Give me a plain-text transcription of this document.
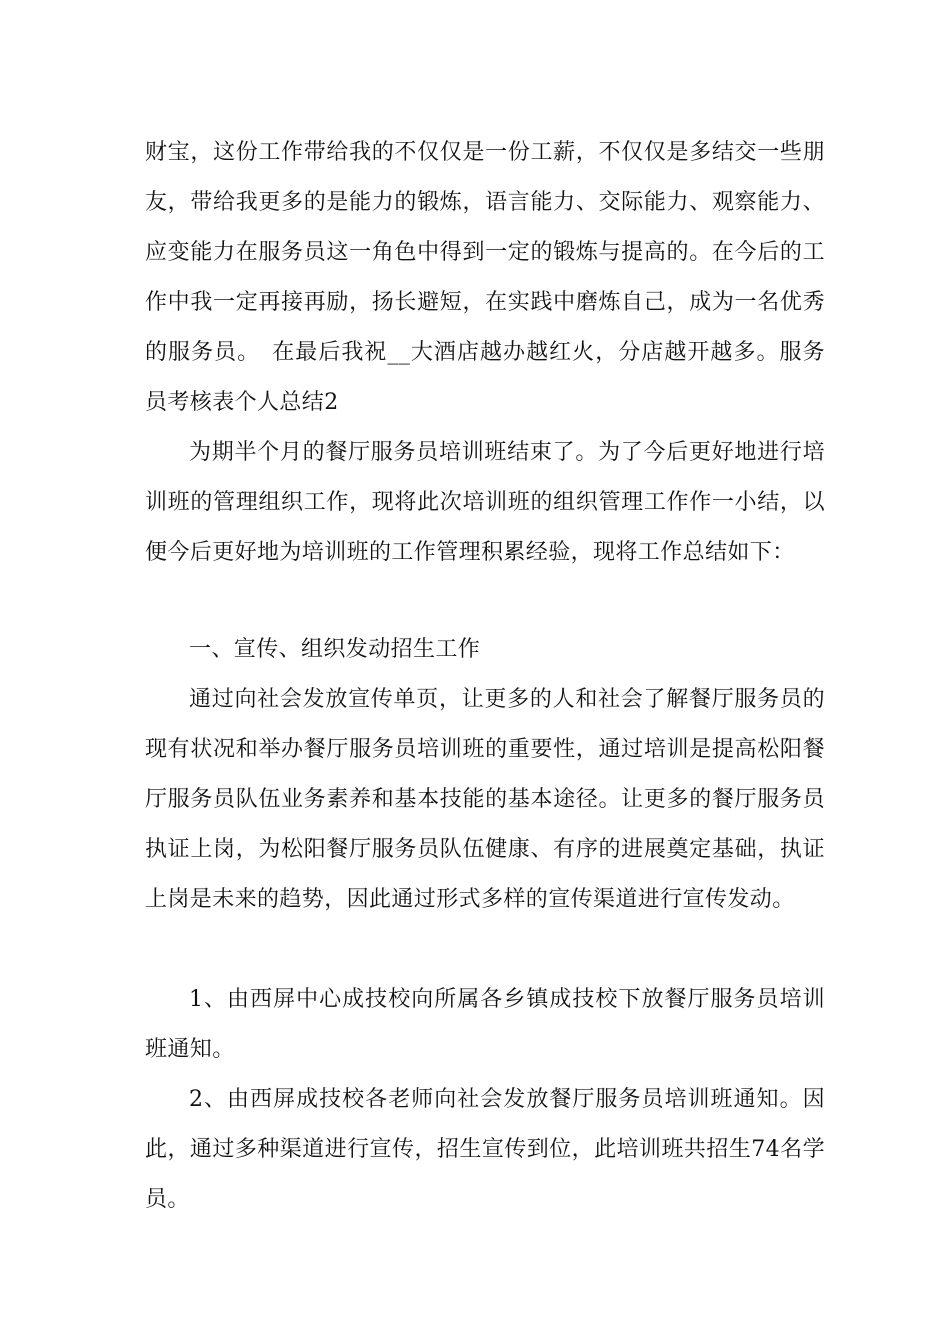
财宝，这份工作带给我的不仅仅是一份工薪，不仅仅是多结交一些朋友，带给我更多的是能力的锻炼，语言能力、交际能力、观察能力、应变能力在服务员这一角色中得到一定的锻炼与提高的。在今后的工作中我一定再接再励，扬长避短，在实践中磨炼自己，成为一名优秀的服务员。　在最后我祝__大酒店越办越红火，分店越开越多。服务员考核表个人总结2

为期半个月的餐厅服务员培训班结束了。为了今后更好地进行培训班的管理组织工作，现将此次培训班的组织管理工作作一小结，以便今后更好地为培训班的工作管理积累经验，现将工作总结如下：

一、宣传、组织发动招生工作

通过向社会发放宣传单页，让更多的人和社会了解餐厅服务员的现有状况和举办餐厅服务员培训班的重要性，通过培训是提高松阳餐厅服务员队伍业务素养和基本技能的基本途径。让更多的餐厅服务员执证上岗，为松阳餐厅服务员队伍健康、有序的进展奠定基础，执证上岗是未来的趋势，因此通过形式多样的宣传渠道进行宣传发动。

1、由西屏中心成技校向所属各乡镇成技校下放餐厅服务员培训班通知。

2、由西屏成技校各老师向社会发放餐厅服务员培训班通知。因此，通过多种渠道进行宣传，招生宣传到位，此培训班共招生74名学员。
